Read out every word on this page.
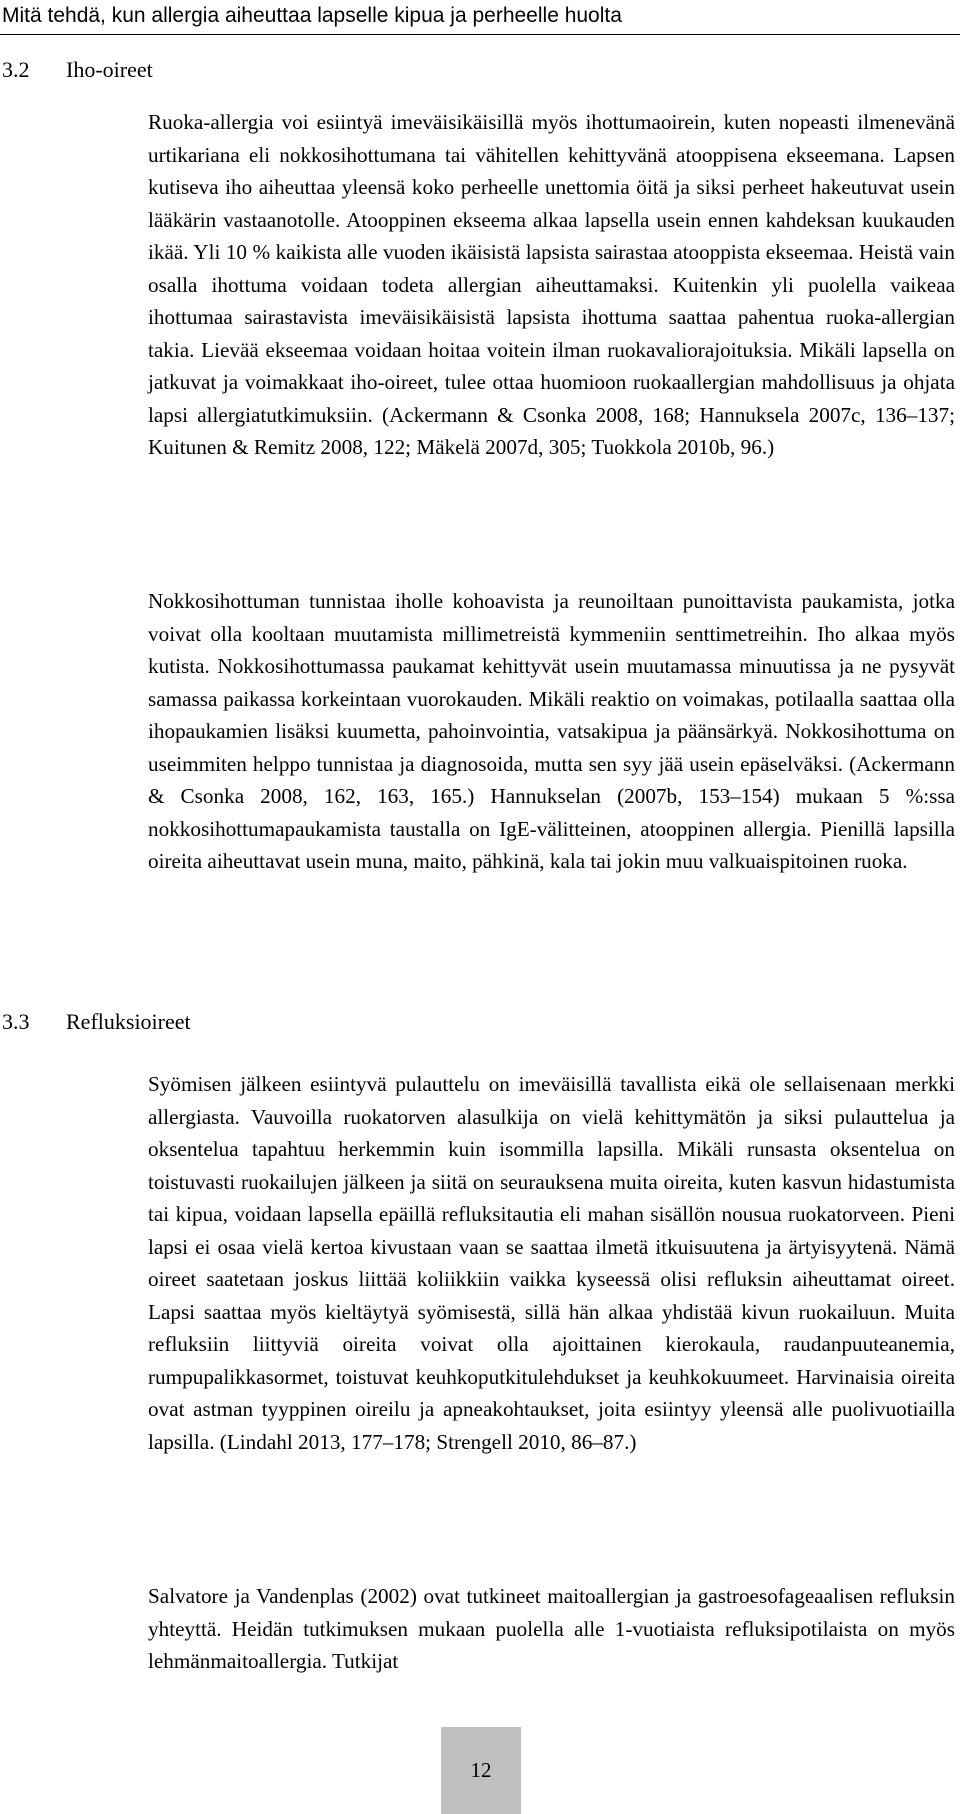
Mitä tehdä, kun allergia aiheuttaa lapselle kipua ja perheelle huolta
3.2 Iho-oireet

Ruoka-allergia voi esiintyä imeväisikäisillä myös ihottumaoirein, kuten nopeasti ilmenevänä urtikariana eli nokkosihottumana tai vähitellen kehittyvänä atooppisena ekseemana. Lapsen kutiseva iho aiheuttaa yleensä koko perheelle unettomia öitä ja siksi perheet hakeutuvat usein lääkärin vastaanotolle. Atooppinen ekseema alkaa lapsella usein ennen kahdeksan kuukauden ikää. Yli 10 % kaikista alle vuoden ikäisistä lapsista sairastaa atooppista ekseemaa. Heistä vain osalla ihottuma voidaan todeta allergian aiheuttamaksi. Kuitenkin yli puolella vaikeaa ihottumaa sairastavista imeväisikäisistä lapsista ihottuma saattaa pahentua ruoka-allergian takia. Lievää ekseemaa voidaan hoitaa voitein ilman ruokavaliorajoituksia. Mikäli lapsella on jatkuvat ja voimakkaat iho-oireet, tulee ottaa huomioon ruokaallergian mahdollisuus ja ohjata lapsi allergiatutkimuksiin. (Ackermann & Csonka 2008, 168; Hannuksela 2007c, 136–137; Kuitunen & Remitz 2008, 122; Mäkelä 2007d, 305; Tuokkola 2010b, 96.)

Nokkosihottuman tunnistaa iholle kohoavista ja reunoiltaan punoittavista paukamista, jotka voivat olla kooltaan muutamista millimetreistä kymmeniin senttimetreihin. Iho alkaa myös kutista. Nokkosihottumassa paukamat kehittyvät usein muutamassa minuutissa ja ne pysyvät samassa paikassa korkeintaan vuorokauden. Mikäli reaktio on voimakas, potilaalla saattaa olla ihopaukamien lisäksi kuumetta, pahoinvointia, vatsakipua ja päänsärkyä. Nokkosihottuma on useimmiten helppo tunnistaa ja diagnosoida, mutta sen syy jää usein epäselväksi. (Ackermann & Csonka 2008, 162, 163, 165.) Hannukselan (2007b, 153–154) mukaan 5 %:ssa nokkosihottumapaukamista taustalla on IgE-välitteinen, atooppinen allergia. Pienillä lapsilla oireita aiheuttavat usein muna, maito, pähkinä, kala tai jokin muu valkuaispitoinen ruoka.

3.3 Refluksioireet

Syömisen jälkeen esiintyvä pulauttelu on imeväisillä tavallista eikä ole sellaisenaan merkki allergiasta. Vauvoilla ruokatorven alasulkija on vielä kehittymätön ja siksi pulauttelua ja oksentelua tapahtuu herkemmin kuin isommilla lapsilla. Mikäli runsasta oksentelua on toistuvasti ruokailujen jälkeen ja siitä on seurauksena muita oireita, kuten kasvun hidastumista tai kipua, voidaan lapsella epäillä refluksitautia eli mahan sisällön nousua ruokatorveen. Pieni lapsi ei osaa vielä kertoa kivustaan vaan se saattaa ilmetä itkuisuutena ja ärtyisyytenä. Nämä oireet saatetaan joskus liittää koliikkiin vaikka kyseessä olisi refluksin aiheuttamat oireet. Lapsi saattaa myös kieltäytyä syömisestä, sillä hän alkaa yhdistää kivun ruokailuun. Muita refluksiin liittyviä oireita voivat olla ajoittainen kierokaula, raudanpuuteanemia, rumpupalikkasormet, toistuvat keuhkoputkitulehdukset ja keuhkokuumeet. Harvinaisia oireita ovat astman tyyppinen oireilu ja apneakohtaukset, joita esiintyy yleensä alle puolivuotiailla lapsilla. (Lindahl 2013, 177–178; Strengell 2010, 86–87.)

Salvatore ja Vandenplas (2002) ovat tutkineet maitoallergian ja gastroesofageaalisen refluksin yhteyttä. Heidän tutkimuksen mukaan puolella alle 1-vuotiaista refluksipotilaista on myös lehmänmaitoallergia. Tutkijat

12
